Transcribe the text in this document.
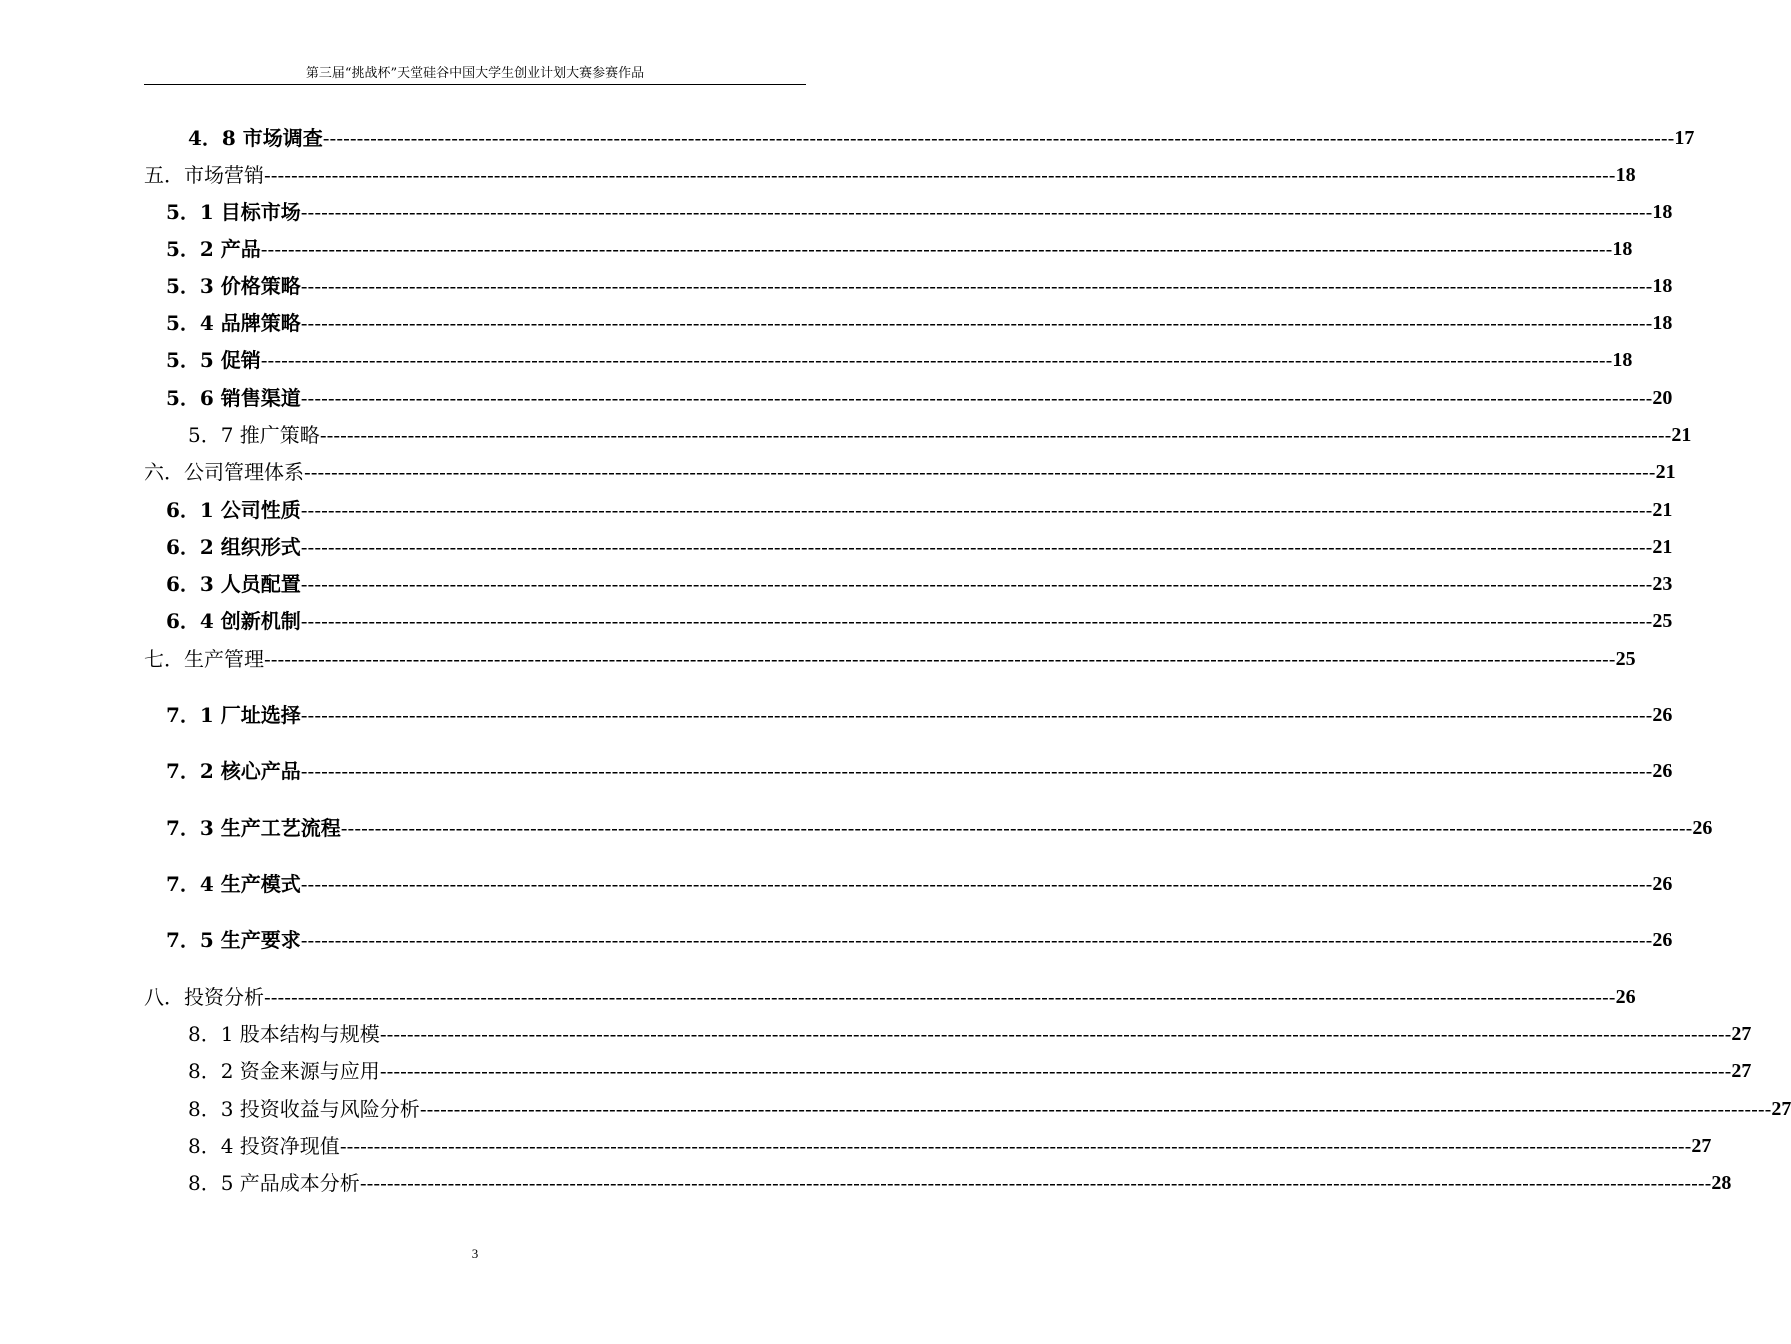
第三届“挑战杯”天堂硅谷中国大学生创业计划大赛参赛作品
4．8 市场调查 -------------------------------------------------------------------------------------------------------------------------------------------------------------------------------------------------------- 17
五．市场营销 -------------------------------------------------------------------------------------------------------------------------------------------------------------------------------------------------------- 18
5．1 目标市场 -------------------------------------------------------------------------------------------------------------------------------------------------------------------------------------------------------- 18
5．2 产品 -------------------------------------------------------------------------------------------------------------------------------------------------------------------------------------------------------- 18
5．3 价格策略 -------------------------------------------------------------------------------------------------------------------------------------------------------------------------------------------------------- 18
5．4 品牌策略 -------------------------------------------------------------------------------------------------------------------------------------------------------------------------------------------------------- 18
5．5 促销 -------------------------------------------------------------------------------------------------------------------------------------------------------------------------------------------------------- 18
5．6 销售渠道 -------------------------------------------------------------------------------------------------------------------------------------------------------------------------------------------------------- 20
5．7 推广策略 -------------------------------------------------------------------------------------------------------------------------------------------------------------------------------------------------------- 21
六．公司管理体系 -------------------------------------------------------------------------------------------------------------------------------------------------------------------------------------------------------- 21
6．1 公司性质 -------------------------------------------------------------------------------------------------------------------------------------------------------------------------------------------------------- 21
6．2 组织形式 -------------------------------------------------------------------------------------------------------------------------------------------------------------------------------------------------------- 21
6．3 人员配置 -------------------------------------------------------------------------------------------------------------------------------------------------------------------------------------------------------- 23
6．4 创新机制 -------------------------------------------------------------------------------------------------------------------------------------------------------------------------------------------------------- 25
七．生产管理 -------------------------------------------------------------------------------------------------------------------------------------------------------------------------------------------------------- 25
7．1 厂址选择 -------------------------------------------------------------------------------------------------------------------------------------------------------------------------------------------------------- 26
7．2 核心产品 -------------------------------------------------------------------------------------------------------------------------------------------------------------------------------------------------------- 26
7．3 生产工艺流程 -------------------------------------------------------------------------------------------------------------------------------------------------------------------------------------------------------- 26
7．4 生产模式 -------------------------------------------------------------------------------------------------------------------------------------------------------------------------------------------------------- 26
7．5 生产要求 -------------------------------------------------------------------------------------------------------------------------------------------------------------------------------------------------------- 26
八．投资分析 -------------------------------------------------------------------------------------------------------------------------------------------------------------------------------------------------------- 26
8．1 股本结构与规模 -------------------------------------------------------------------------------------------------------------------------------------------------------------------------------------------------------- 27
8．2 资金来源与应用 -------------------------------------------------------------------------------------------------------------------------------------------------------------------------------------------------------- 27
8．3 投资收益与风险分析 -------------------------------------------------------------------------------------------------------------------------------------------------------------------------------------------------------- 27
8．4 投资净现值 -------------------------------------------------------------------------------------------------------------------------------------------------------------------------------------------------------- 27
8．5 产品成本分析 -------------------------------------------------------------------------------------------------------------------------------------------------------------------------------------------------------- 28
3
